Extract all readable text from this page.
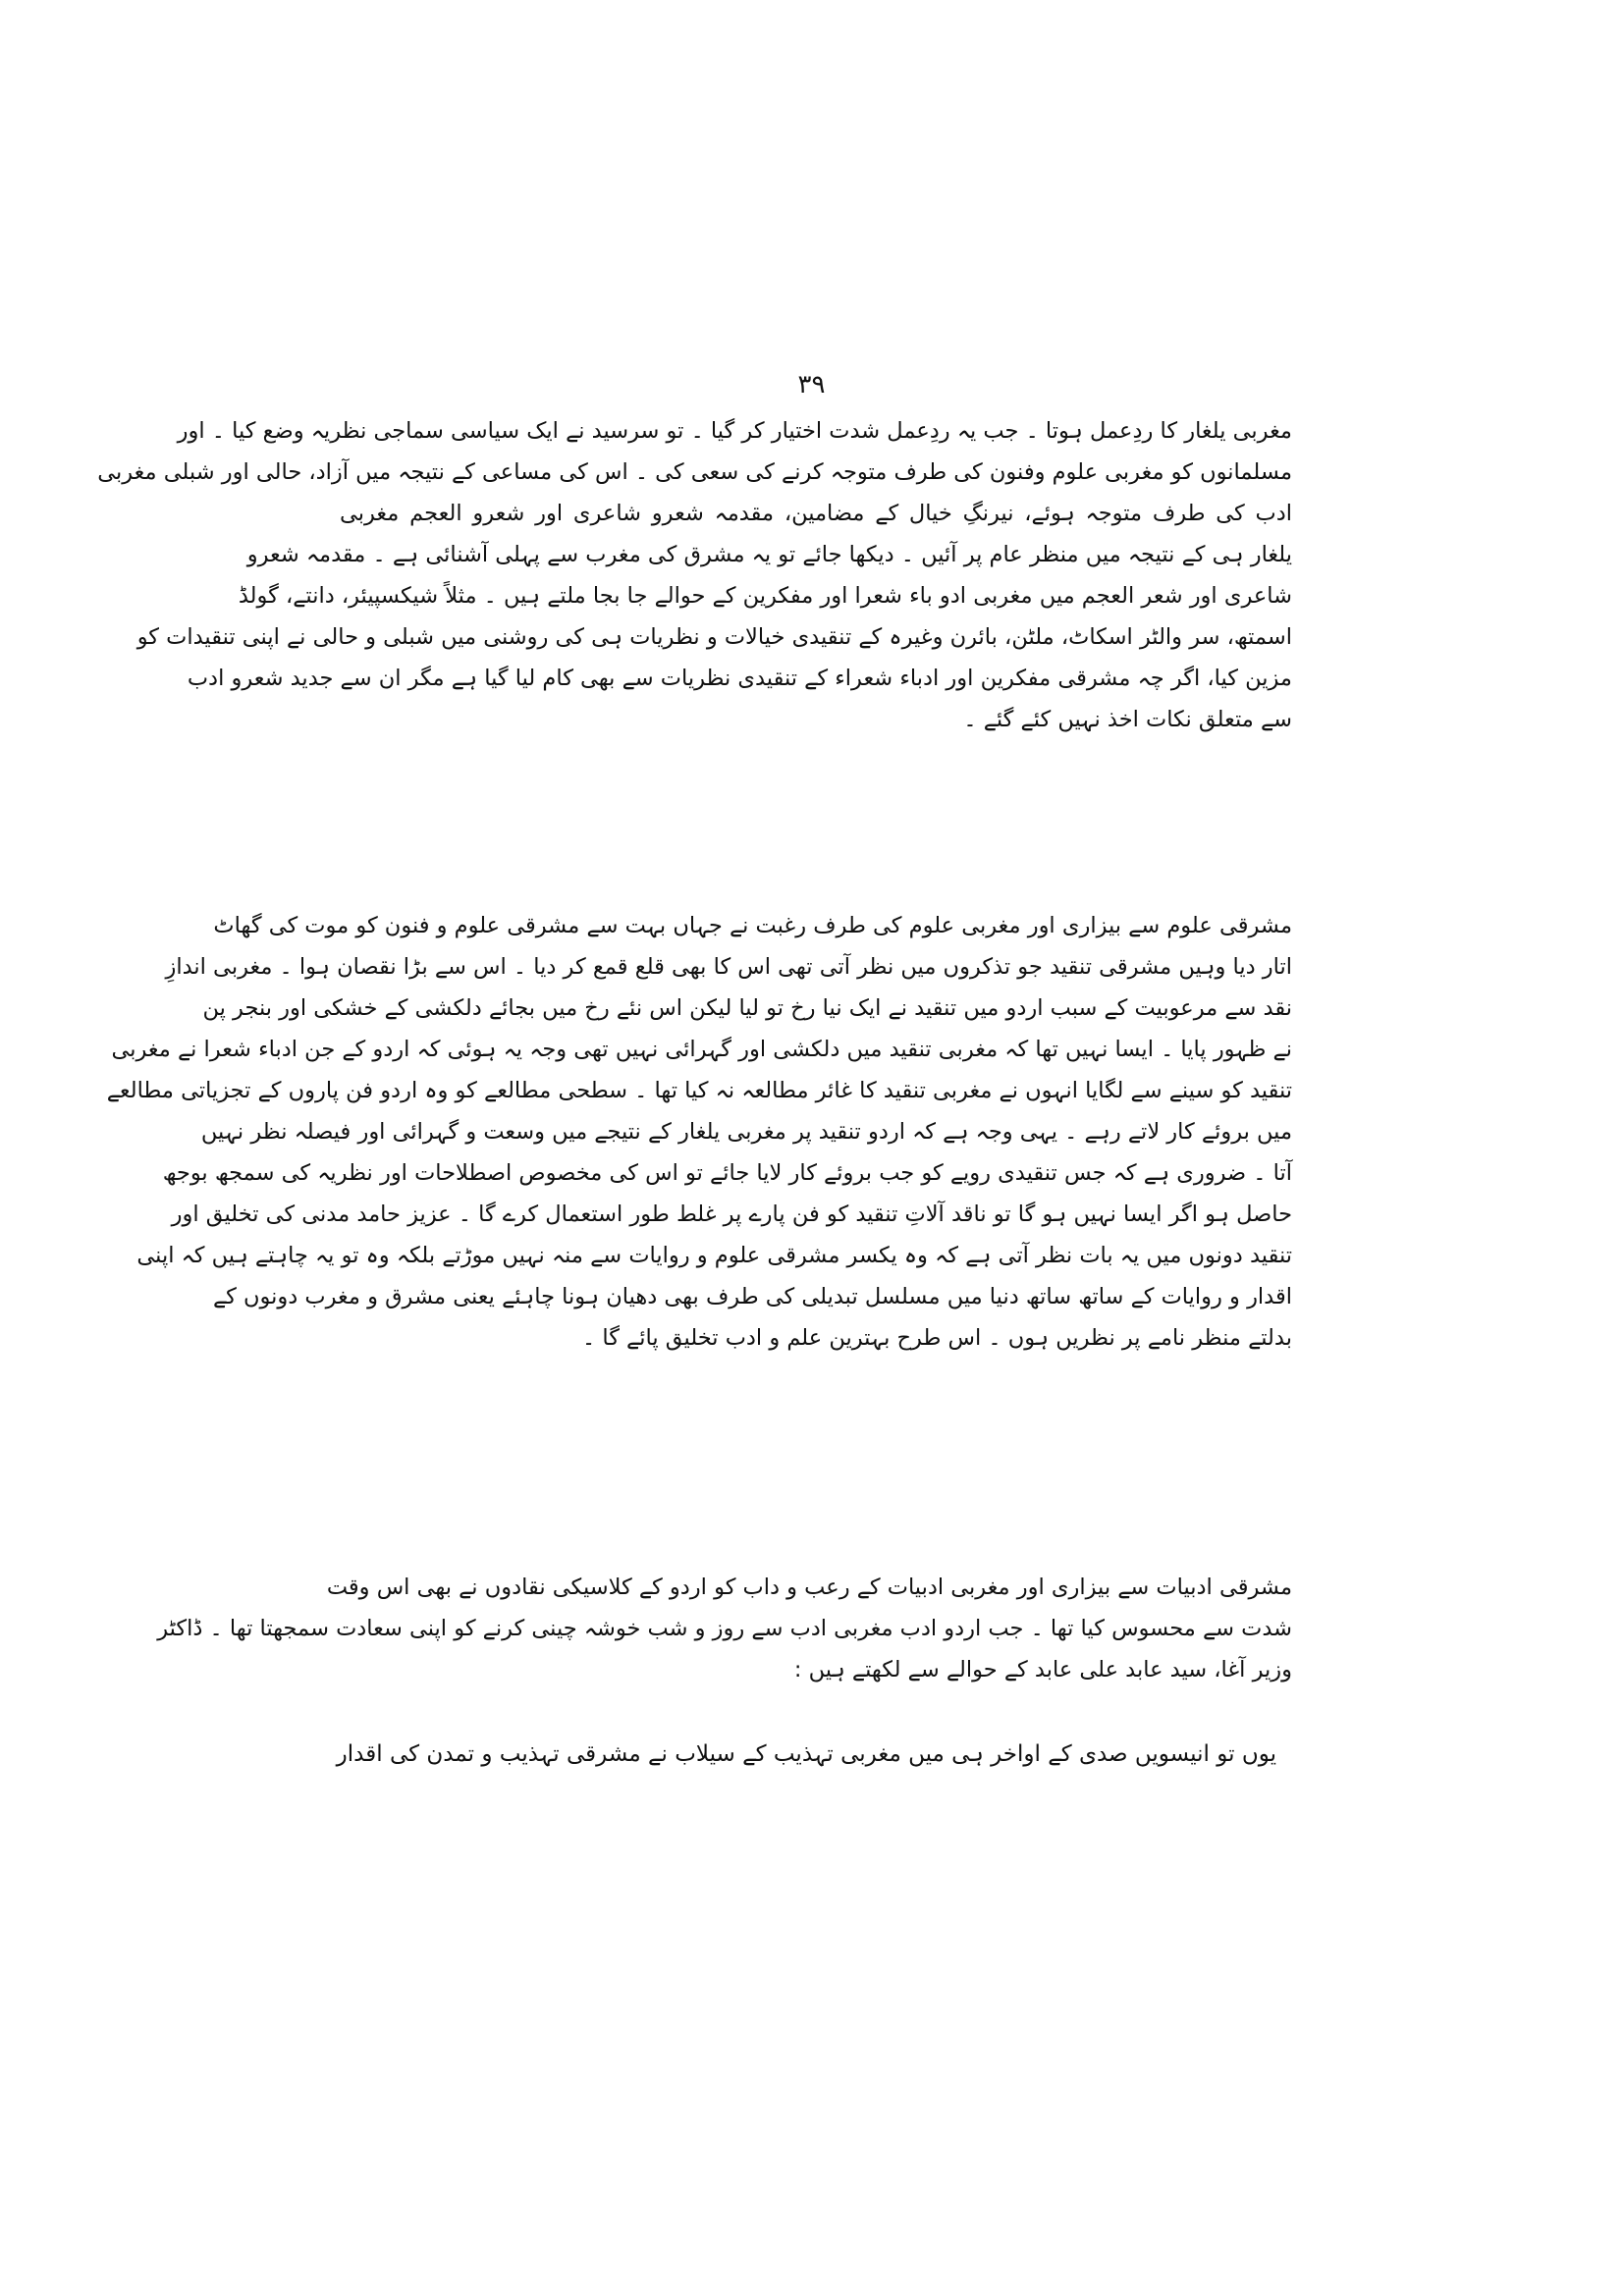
۳۹
مغربی یلغار کا ردِعمل ہوتا ۔ جب یہ ردِعمل شدت اختیار کر گیا ۔ تو سرسید نے ایک سیاسی سماجی نظریہ وضع کیا ۔ اور
مسلمانوں کو مغربی علوم وفنون کی طرف متوجہ کرنے کی سعی کی ۔ اس کی مساعی کے نتیجہ میں آزاد، حالی اور شبلی مغربی
ادب کی طرف متوجہ ہوئے، نیرنگِ خیال کے مضامین، مقدمہ شعرو شاعری اور شعرو العجم مغربی
یلغار ہی کے نتیجہ میں منظر عام پر آئیں ۔ دیکھا جائے تو یہ مشرق کی مغرب سے پہلی آشنائی ہے ۔ مقدمہ شعرو
شاعری اور شعر العجم میں مغربی ادو باء شعرا اور مفکرین کے حوالے جا بجا ملتے ہیں ۔ مثلاً شیکسپیئر، دانتے، گولڈ
اسمتھ، سر والٹر اسکاٹ، ملٹن، بائرن وغیرہ کے تنقیدی خیالات و نظریات ہی کی روشنی میں شبلی و حالی نے اپنی تنقیدات کو
مزین کیا، اگر چہ مشرقی مفکرین اور ادباء شعراء کے تنقیدی نظریات سے بھی کام لیا گیا ہے مگر ان سے جدید شعرو ادب
سے متعلق نکات اخذ نہیں کئے گئے ۔
مشرقی علوم سے بیزاری اور مغربی علوم کی طرف رغبت نے جہاں بہت سے مشرقی علوم و فنون کو موت کی گھاٹ
اتار دیا وہیں مشرقی تنقید جو تذکروں میں نظر آتی تھی اس کا بھی قلع قمع کر دیا ۔ اس سے بڑا نقصان ہوا ۔ مغربی اندازِ
نقد سے مرعوبیت کے سبب اردو میں تنقید نے ایک نیا رخ تو لیا لیکن اس نئے رخ میں بجائے دلکشی کے خشکی اور بنجر پن
نے ظہور پایا ۔ ایسا نہیں تھا کہ مغربی تنقید میں دلکشی اور گہرائی نہیں تھی وجہ یہ ہوئی کہ اردو کے جن ادباء شعرا نے مغربی
تنقید کو سینے سے لگایا انہوں نے مغربی تنقید کا غائر مطالعہ نہ کیا تھا ۔ سطحی مطالعے کو وہ اردو فن پاروں کے تجزیاتی مطالعے
میں بروئے کار لاتے رہے ۔ یہی وجہ ہے کہ اردو تنقید پر مغربی یلغار کے نتیجے میں وسعت و گہرائی اور فیصلہ نظر نہیں
آتا ۔ ضروری ہے کہ جس تنقیدی رویے کو جب بروئے کار لایا جائے تو اس کی مخصوص اصطلاحات اور نظریہ کی سمجھ بوجھ
حاصل ہو اگر ایسا نہیں ہو گا تو ناقد آلاتِ تنقید کو فن پارے پر غلط طور استعمال کرے گا ۔ عزیز حامد مدنی کی تخلیق اور
تنقید دونوں میں یہ بات نظر آتی ہے کہ وہ یکسر مشرقی علوم و روایات سے منہ نہیں موڑتے بلکہ وہ تو یہ چاہتے ہیں کہ اپنی
اقدار و روایات کے ساتھ ساتھ دنیا میں مسلسل تبدیلی کی طرف بھی دھیان ہونا چاہئے یعنی مشرق و مغرب دونوں کے
بدلتے منظر نامے پر نظریں ہوں ۔ اس طرح بہترین علم و ادب تخلیق پائے گا ۔
مشرقی ادبیات سے بیزاری اور مغربی ادبیات کے رعب و داب کو اردو کے کلاسیکی نقادوں نے بھی اس وقت
شدت سے محسوس کیا تھا ۔ جب اردو ادب مغربی ادب سے روز و شب خوشہ چینی کرنے کو اپنی سعادت سمجھتا تھا ۔ ڈاکٹر
وزیر آغا، سید عابد علی عابد کے حوالے سے لکھتے ہیں :
یوں تو انیسویں صدی کے اواخر ہی میں مغربی تہذیب کے سیلاب نے مشرقی تہذیب و تمدن کی اقدار
